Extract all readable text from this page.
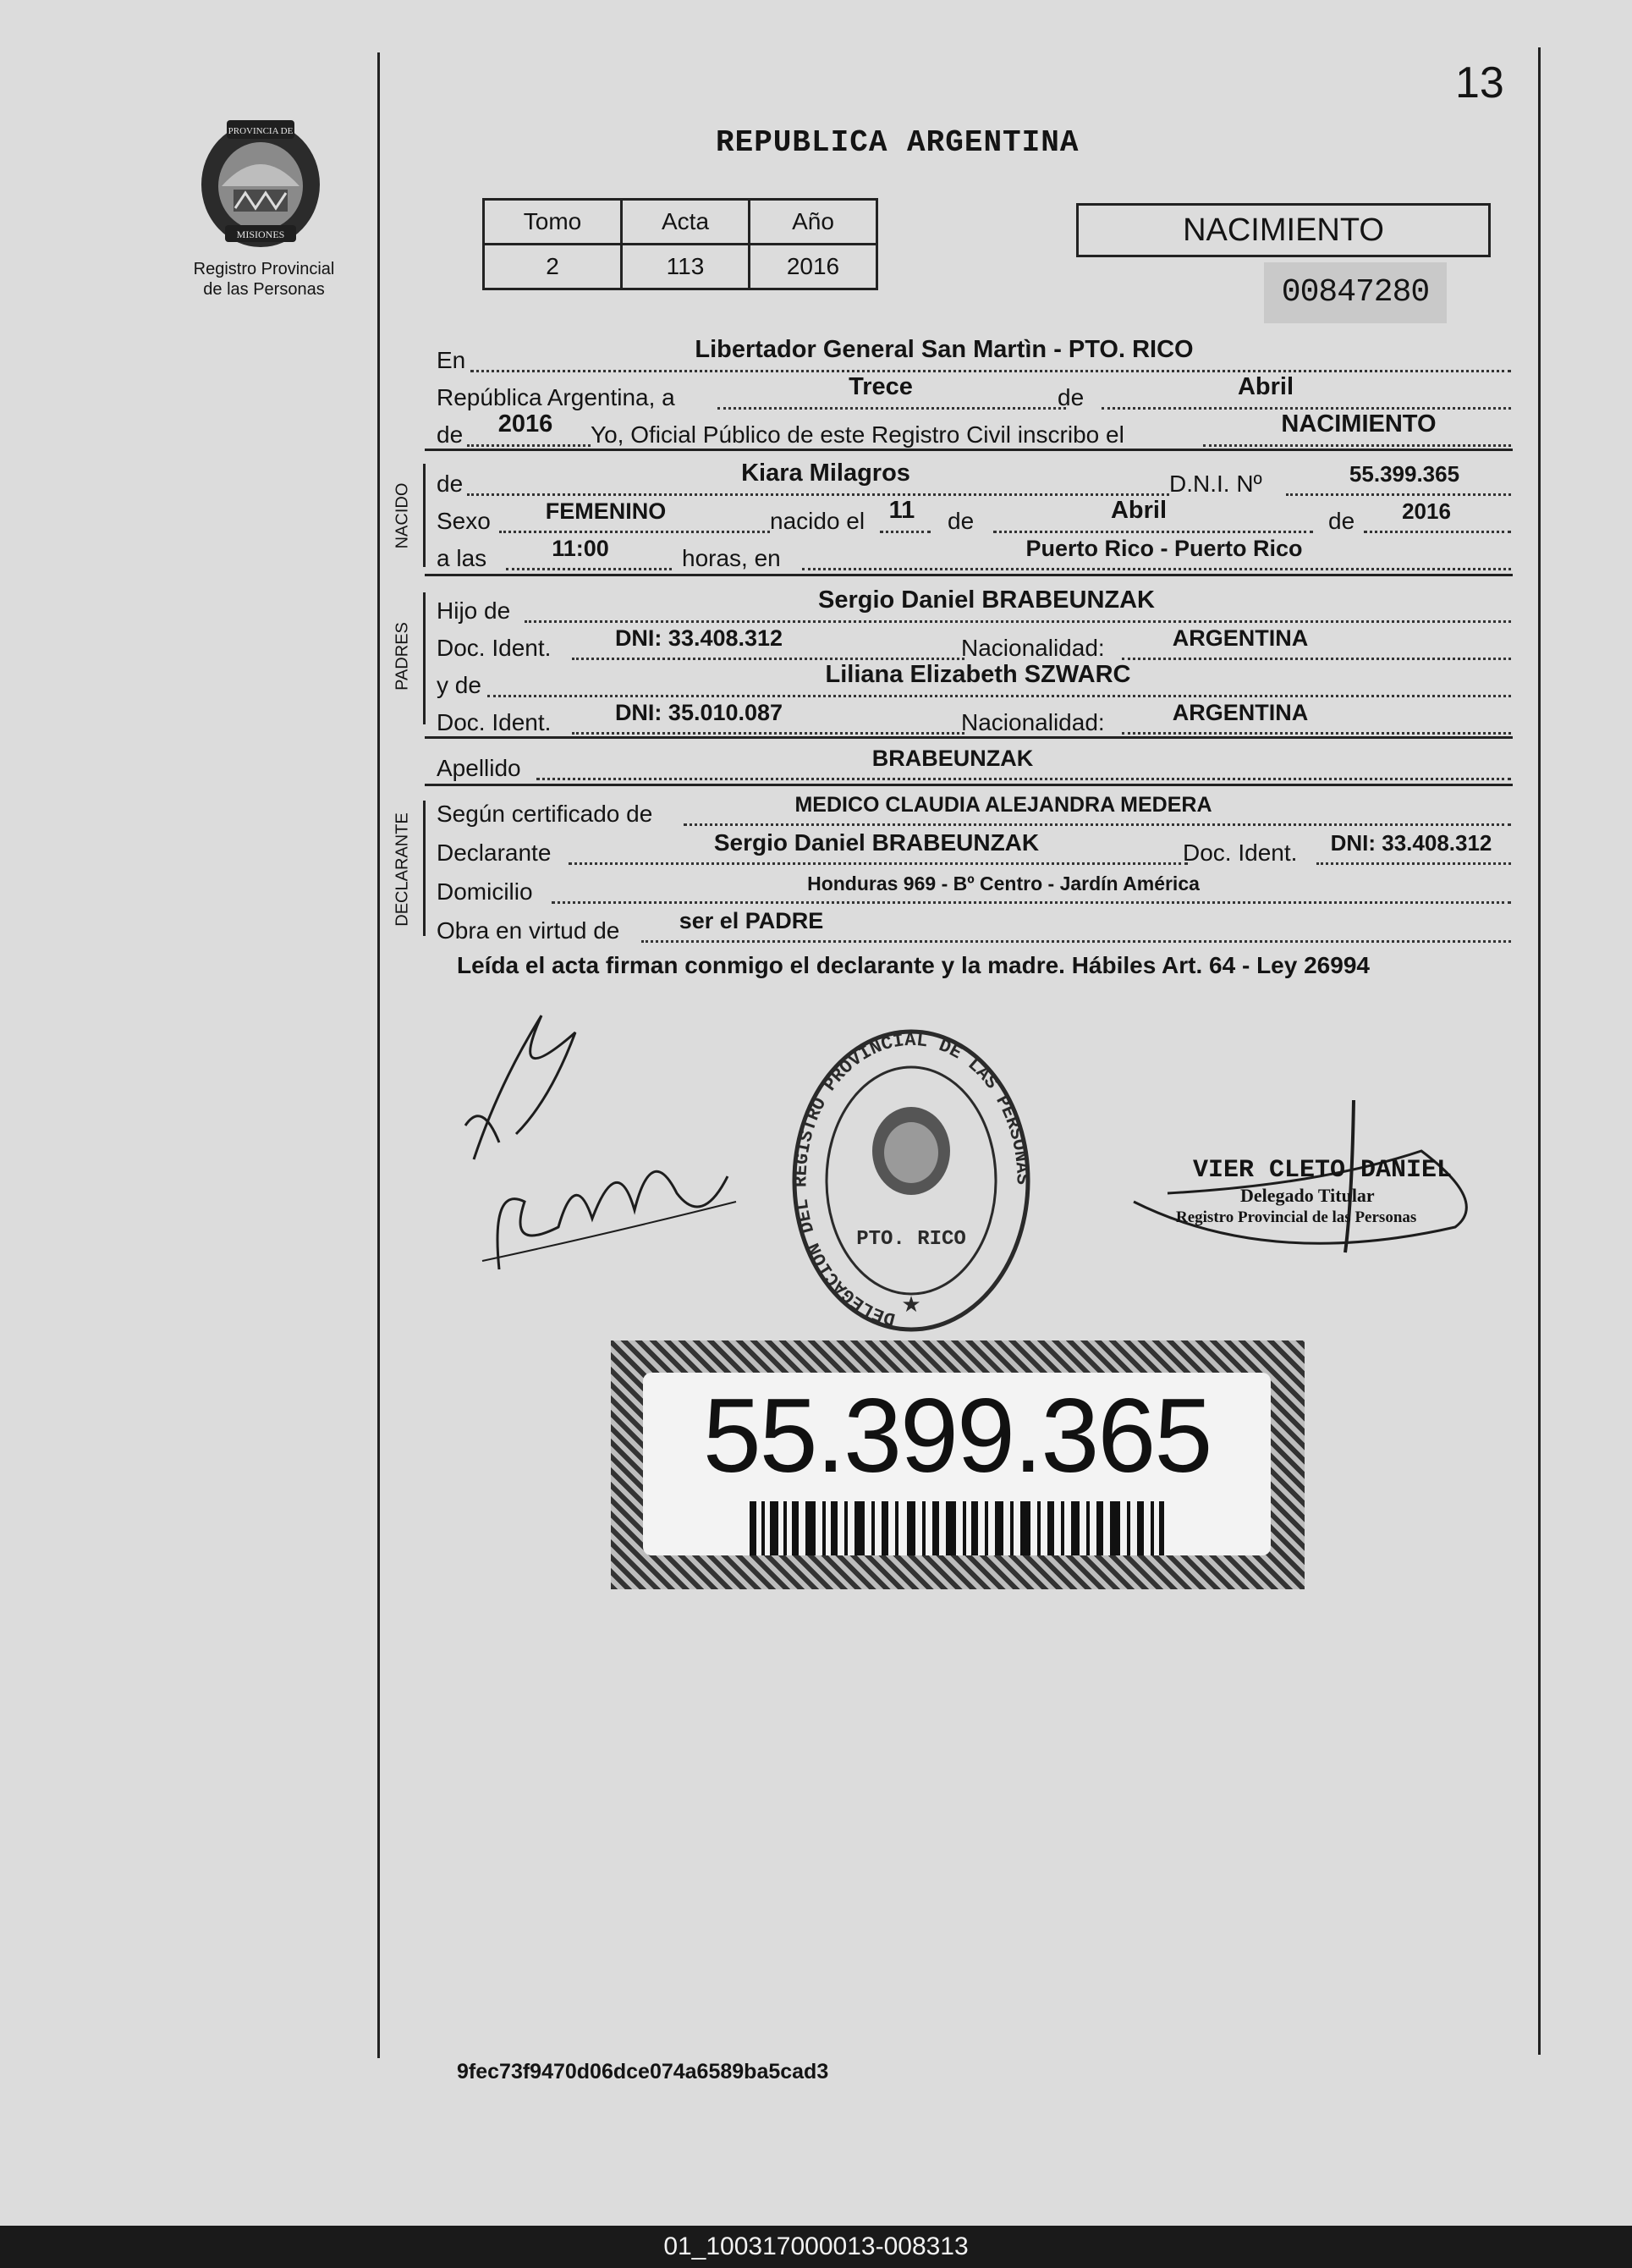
13
PROVINCIA DE
MISIONES
Registro Provincial
de las Personas
REPUBLICA ARGENTINA
Tomo	Acta	Año
2	113	2016
NACIMIENTO
00847280
En	Libertador General San Martìn - PTO. RICO
República Argentina, a	Trece	de	Abril
de	2016	Yo, Oficial Público de este Registro Civil inscribo el	NACIMIENTO
NACIDO de	Kiara Milagros	D.N.I. Nº	55.399.365
Sexo	FEMENINO	nacido el 11	de	Abril	de	2016
a las	11:00	horas, en	Puerto Rico - Puerto Rico
PADRES
Hijo de	Sergio Daniel BRABEUNZAK
Doc. Ident.	DNI: 33.408.312	Nacionalidad:	ARGENTINA
y de	Liliana Elizabeth SZWARC
Doc. Ident.	DNI: 35.010.087	Nacionalidad:	ARGENTINA
Apellido	BRABEUNZAK
DECLARANTE Según certificado de	MEDICO CLAUDIA ALEJANDRA MEDERA
Declarante	Sergio Daniel BRABEUNZAK	Doc. Ident.	DNI: 33.408.312
Domicilio	Honduras 969 - Bº Centro - Jardín América
Obra en virtud de	ser el PADRE
Leída el acta firman conmigo el declarante y la madre. Hábiles Art. 64 - Ley 26994
DELEGACION DEL REGISTRO PROVINCIAL DE LAS PERSONAS
PTO. RICO
★
VIER CLETO DANIEL
Delegado Titular
Registro Provincial de las Personas
55.399.365
9fec73f9470d06dce074a6589ba5cad3
01_100317000013-008313
